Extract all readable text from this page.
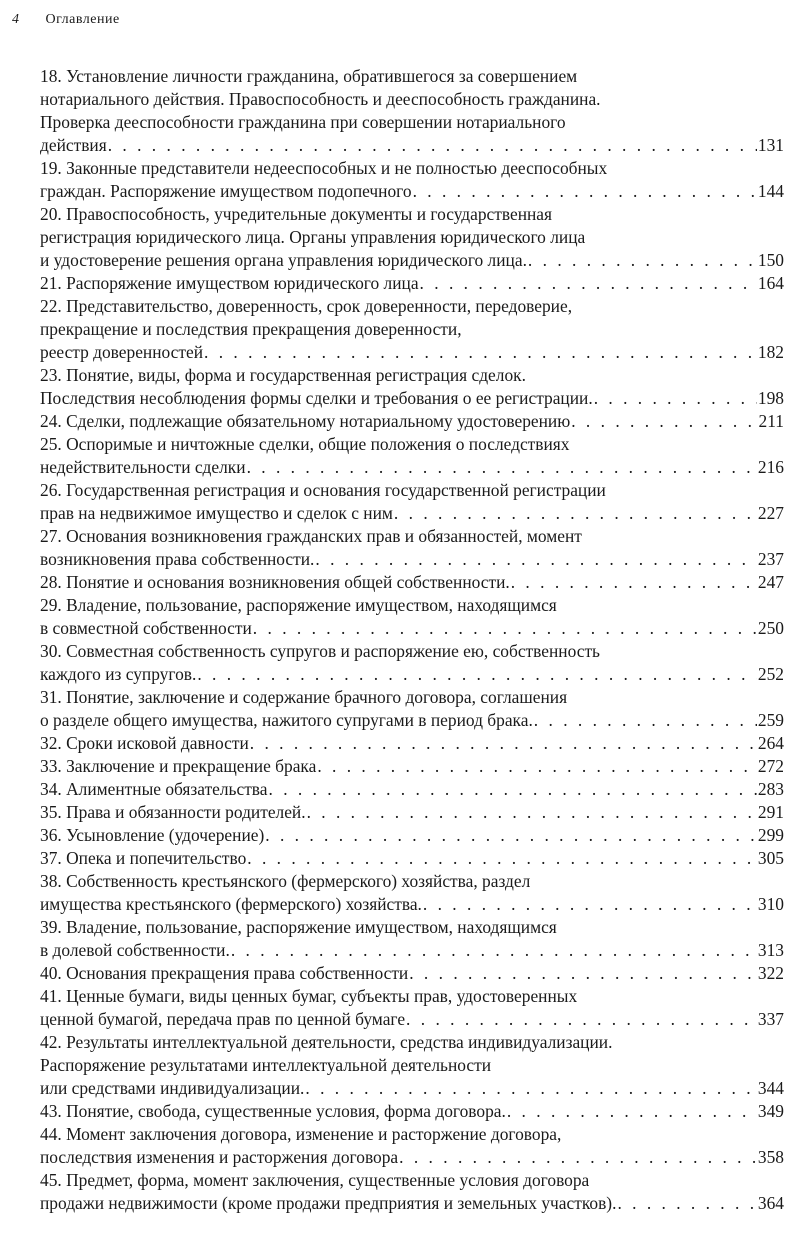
4 Оглавление
18. Установление личности гражданина, обратившегося за совершением
нотариального действия. Правоспособность и дееспособность гражданина.
Проверка дееспособности гражданина при совершении нотариального
действия . . .	131
19. Законные представители недееспособных и не полностью дееспособных
граждан. Распоряжение имуществом подопечного . . .	144
20. Правоспособность, учредительные документы и государственная
регистрация юридического лица. Органы управления юридического лица
и удостоверение решения органа управления юридического лица. . . .	150
21. Распоряжение имуществом юридического лица . . .	164
22. Представительство, доверенность, срок доверенности, передоверие,
прекращение и последствия прекращения доверенности,
реестр доверенностей . . .	182
23. Понятие, виды, форма и государственная регистрация сделок.
Последствия несоблюдения формы сделки и требования о ее регистрации. . . .	198
24. Сделки, подлежащие обязательному нотариальному удостоверению . . .	211
25. Оспоримые и ничтожные сделки, общие положения о последствиях
недействительности сделки . . .	216
26. Государственная регистрация и основания государственной регистрации
прав на недвижимое имущество и сделок с ним . . .	227
27. Основания возникновения гражданских прав и обязанностей, момент
возникновения права собственности. . . .	237
28. Понятие и основания возникновения общей собственности. . . .	247
29. Владение, пользование, распоряжение имуществом, находящимся
в совместной собственности . . .	250
30. Совместная собственность супругов и распоряжение ею, собственность
каждого из супругов. . . .	252
31. Понятие, заключение и содержание брачного договора, соглашения
о разделе общего имущества, нажитого супругами в период брака. . . .	259
32. Сроки исковой давности . . .	264
33. Заключение и прекращение брака . . .	272
34. Алиментные обязательства . . .	283
35. Права и обязанности родителей. . . .	291
36. Усыновление (удочерение) . . .	299
37. Опека и попечительство . . .	305
38. Собственность крестьянского (фермерского) хозяйства, раздел
имущества крестьянского (фермерского) хозяйства. . . .	310
39. Владение, пользование, распоряжение имуществом, находящимся
в долевой собственности. . . .	313
40. Основания прекращения права собственности . . .	322
41. Ценные бумаги, виды ценных бумаг, субъекты прав, удостоверенных
ценной бумагой, передача прав по ценной бумаге . . .	337
42. Результаты интеллектуальной деятельности, средства индивидуализации.
Распоряжение результатами интеллектуальной деятельности
или средствами индивидуализации. . . .	344
43. Понятие, свобода, существенные условия, форма договора. . . .	349
44. Момент заключения договора, изменение и расторжение договора,
последствия изменения и расторжения договора . . .	358
45. Предмет, форма, момент заключения, существенные условия договора
продажи недвижимости (кроме продажи предприятия и земельных участков). . . .	364
